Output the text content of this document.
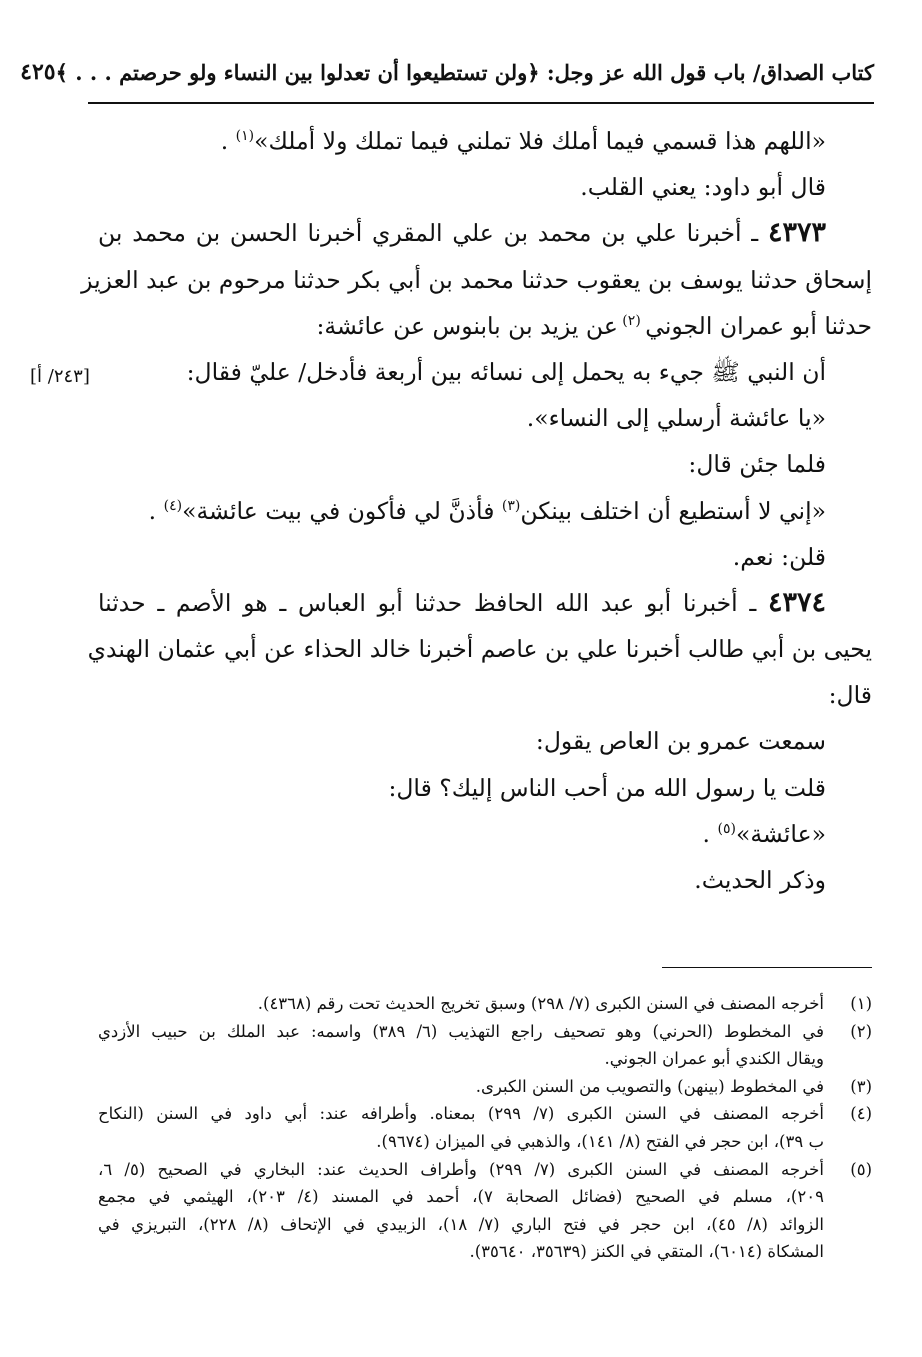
كتاب الصداق/ باب قول الله عز وجل: ﴿ولن تستطيعوا أن تعدلوا بين النساء ولو حرصتم . . . ﴾
٤٢٥
«اللهم هذا قسمي فيما أملك فلا تملني فيما تملك ولا أملك»$^{(١)}$ .
قال أبو داود: يعني القلب.
٤٣٧٣ ـ أخبرنا علي بن محمد بن علي المقري أخبرنا الحسن بن محمد بن
إسحاق حدثنا يوسف بن يعقوب حدثنا محمد بن أبي بكر حدثنا مرحوم بن عبد العزيز
حدثنا أبو عمران الجوني $^{(٢)}$ عن يزيد بن بابنوس عن عائشة:
أن النبي ﷺ جيء به يحمل إلى نسائه بين أربعة فأدخل/ عليّ فقال:
«يا عائشة أرسلي إلى النساء».
فلما جئن قال:
«إني لا أستطيع أن اختلف بينكن$^{(٣)}$ فأذنَّ لي فأكون في بيت عائشة»$^{(٤)}$ .
قلن: نعم.
٤٣٧٤ ـ أخبرنا أبو عبد الله الحافظ حدثنا أبو العباس ـ هو الأصم ـ حدثنا
يحيى بن أبي طالب أخبرنا علي بن عاصم أخبرنا خالد الحذاء عن أبي عثمان الهندي
قال:
سمعت عمرو بن العاص يقول:
قلت يا رسول الله من أحب الناس إليك؟ قال:
«عائشة»$^{(٥)}$ .
وذكر الحديث.
[٢٤٣/ أ]
(١)
أخرجه المصنف في السنن الكبرى (٧/ ٢٩٨) وسبق تخريج الحديث تحت رقم (٤٣٦٨).
(٢)
في المخطوط (الحرني) وهو تصحيف راجع التهذيب (٦/ ٣٨٩) واسمه: عبد الملك بن حبيب الأزدي
ويقال الكندي أبو عمران الجوني.
(٣)
في المخطوط (بينهن) والتصويب من السنن الكبرى.
(٤)
أخرجه المصنف في السنن الكبرى (٧/ ٢٩٩) بمعناه. وأطرافه عند: أبي داود في السنن (النكاح
ب ٣٩)، ابن حجر في الفتح (٨/ ١٤١)، والذهبي في الميزان (٩٦٧٤).
(٥)
أخرجه المصنف في السنن الكبرى (٧/ ٢٩٩) وأطراف الحديث عند: البخاري في الصحيح (٥/ ٦،
٢٠٩)، مسلم في الصحيح (فضائل الصحابة ٧)، أحمد في المسند (٤/ ٢٠٣)، الهيثمي في مجمع
الزوائد (٨/ ٤٥)، ابن حجر في فتح الباري (٧/ ١٨)، الزبيدي في الإتحاف (٨/ ٢٢٨)، التبريزي في
المشكاة (٦٠١٤)، المتقي في الكنز (٣٥٦٣٩، ٣٥٦٤٠).
